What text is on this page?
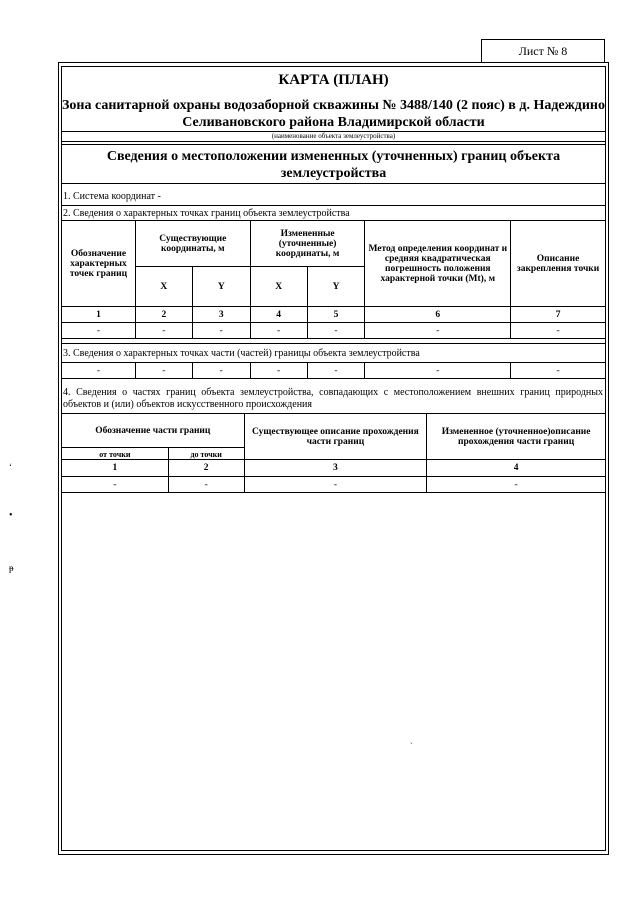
Лист № 8
КАРТА (ПЛАН)
Зона санитарной охраны водозаборной скважины № 3488/140 (2 пояс) в д. Надеждино Селивановского района Владимирской области
(наименование объекта землеустройства)
Сведения о местоположении измененных (уточненных) границ объекта землеустройства
1. Система координат -
2. Сведения о характерных точках границ объекта землеустройства
Обозначение характерных точек границ	Существующие координаты, м		Измененные (уточненные) координаты, м		Метод определения координат и средняя квадратическая погрешность положения характерной точки (Mt), м	Описание закрепления точки
	X	Y	X	Y		
1	2	3	4	5	6	7
-	-	-	-	-	-	-
3. Сведения о характерных точках части (частей) границы объекта землеустройства
-	-	-	-	-	-	-
4. Сведения о частях границ объекта землеустройства, совпадающих с местоположением внешних границ природных объектов и (или) объектов искусственного происхождения
Обозначение части границ		Существующее описание прохождения части границ	Измененное (уточненное)описание прохождения части границ
от точки	до точки		
1	2	3	4
-	-	-	-
ʻ
•
ᵽ
˴
